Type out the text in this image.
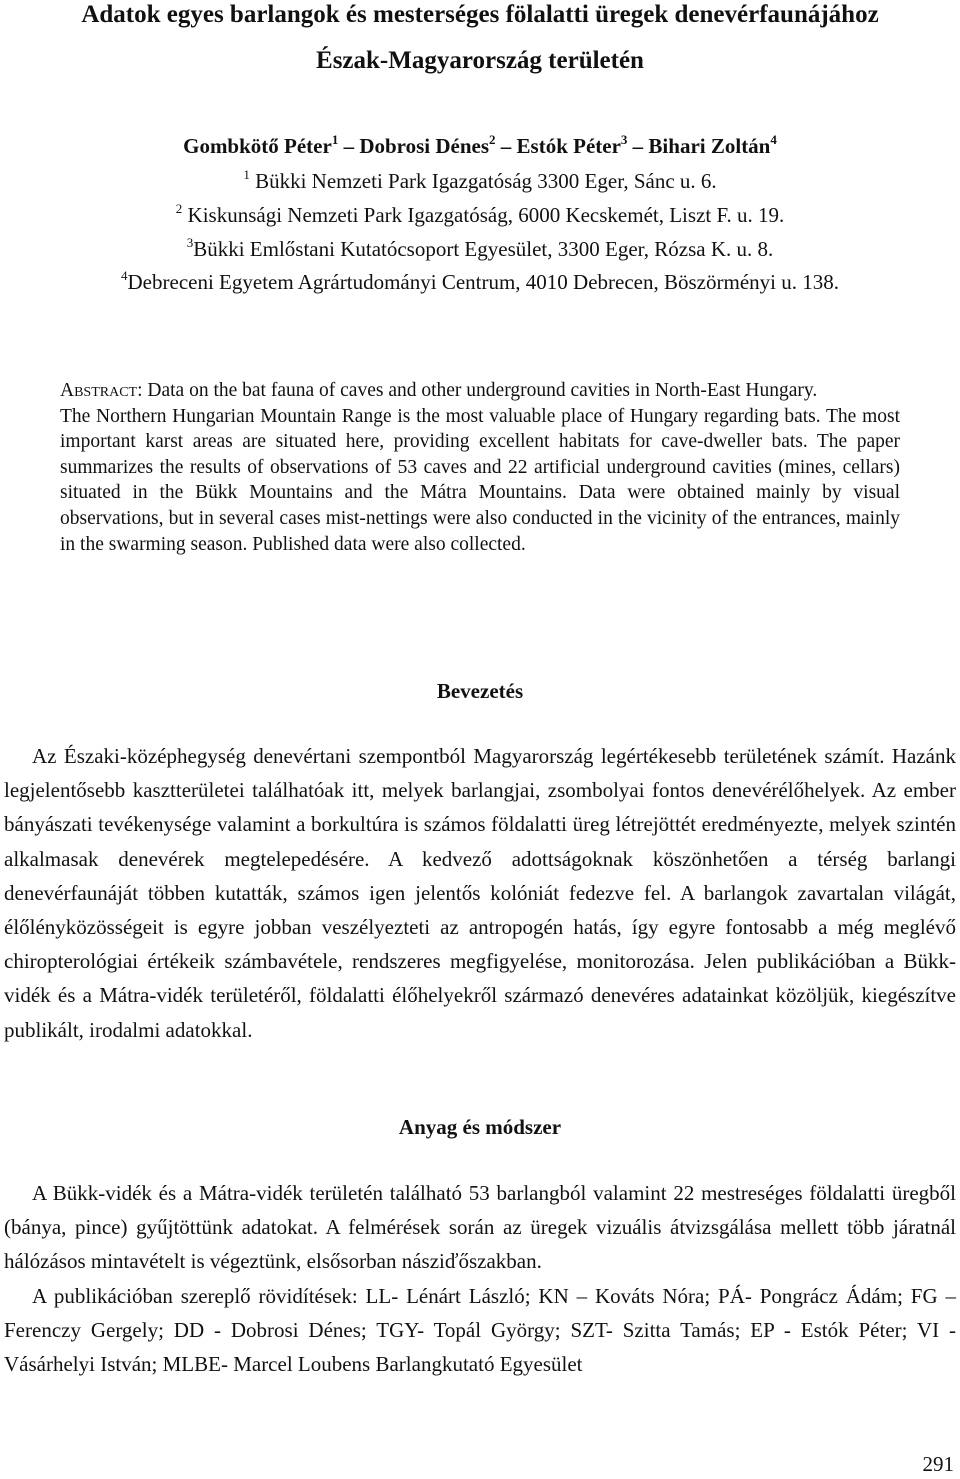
Adatok egyes barlangok és mesterséges fölalatti üregek denevérfaunájához
Észak-Magyarország területén
Gombkötő Péter$^1$ – Dobrosi Dénes$^2$ – Estók Péter$^3$ – Bihari Zoltán$^4$
$^1$ Bükki Nemzeti Park Igazgatóság 3300 Eger, Sánc u. 6.
$^2$ Kiskunsági Nemzeti Park Igazgatóság, 6000 Kecskemét, Liszt F. u. 19.
$^3$Bükki Emlőstani Kutatócsoport Egyesület, 3300 Eger, Rózsa K. u. 8.
$^4$Debreceni Egyetem Agrártudományi Centrum, 4010 Debrecen, Böszörményi u. 138.

Abstract: Data on the bat fauna of caves and other underground cavities in North-East Hungary.

The Northern Hungarian Mountain Range is the most valuable place of Hungary regarding bats. The most important karst areas are situated here, providing excellent habitats for cave-dweller bats. The paper summarizes the results of observations of 53 caves and 22 artificial underground cavities (mines, cellars) situated in the Bükk Mountains and the Mátra Mountains. Data were obtained mainly by visual observations, but in several cases mist-nettings were also conducted in the vicinity of the entrances, mainly in the swarming season. Published data were also collected.

Bevezetés

Az Északi-középhegység denevértani szempontból Magyarország legértékesebb területének számít. Hazánk legjelentősebb kasztterületei találhatóak itt, melyek barlangjai, zsombolyai fontos denevérélőhelyek. Az ember bányászati tevékenysége valamint a borkultúra is számos földalatti üreg létrejöttét eredményezte, melyek szintén alkalmasak denevérek megtelepedésére. A kedvező adottságoknak köszönhetően a térség barlangi denevérfaunáját többen kutatták, számos igen jelentős kolóniát fedezve fel. A barlangok zavartalan világát, élőlényközösségeit is egyre jobban veszélyezteti az antropogén hatás, így egyre fontosabb a még meglévő chiropterológiai értékeik számbavétele, rendszeres megfigyelése, monitorozása. Jelen publikációban a Bükk-vidék és a Mátra-vidék területéről, földalatti élőhelyekről származó denevéres adatainkat közöljük, kiegészítve publikált, irodalmi adatokkal.

Anyag és módszer

A Bükk-vidék és a Mátra-vidék területén található 53 barlangból valamint 22 mestreséges földalatti üregből (bánya, pince) gyűjtöttünk adatokat. A felmérések során az üregek vizuális átvizsgálása mellett több járatnál hálózásos mintavételt is végeztünk, elsősorban násziďőszakban.

A publikációban szereplő rövidítések: LL- Lénárt László; KN – Kováts Nóra; PÁ- Pongrácz Ádám; FG – Ferenczy Gergely; DD - Dobrosi Dénes; TGY- Topál György; SZT- Szitta Tamás; EP - Estók Péter; VI - Vásárhelyi István; MLBE- Marcel Loubens Barlangkutató Egyesület

291
